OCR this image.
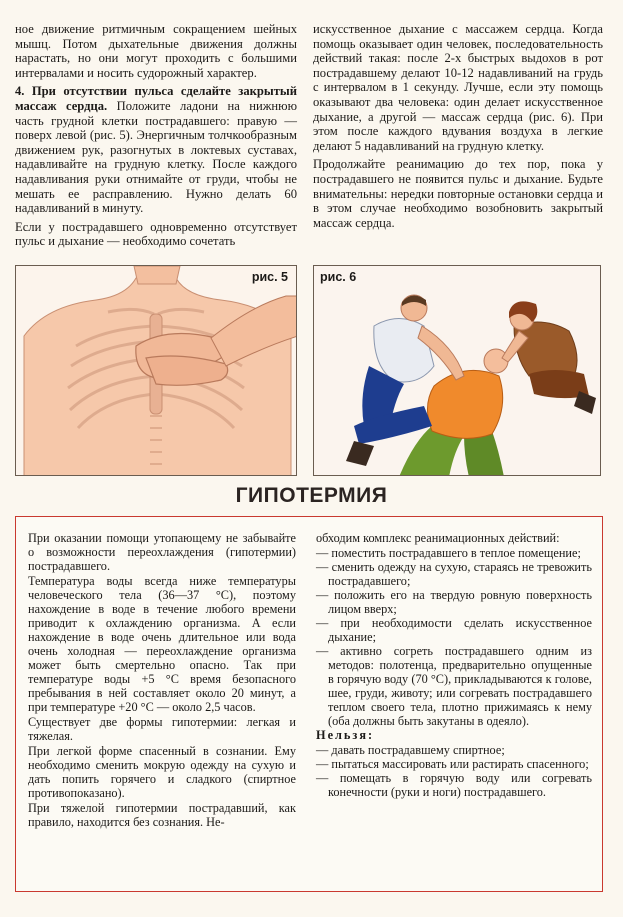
ное движение ритмичным сокращением шейных мышц. Потом дыхательные движения должны нарастать, но они могут проходить с большими интервалами и носить судорожный характер.

4. При отсутствии пульса сделайте закрытый массаж сердца. Положите ладони на нижнюю часть грудной клетки пострадавшего: правую — поверх левой (рис. 5). Энергичным толчкообразным движением рук, разогнутых в локтевых суставах, надавливайте на грудную клетку. После каждого надавливания руки отнимайте от груди, чтобы не мешать ее расправлению. Нужно делать 60 надавливаний в минуту.

Если у пострадавшего одновременно отсутствует пульс и дыхание — необходимо сочетать

искусственное дыхание с массажем сердца. Когда помощь оказывает один человек, последовательность действий такая: после 2-х быстрых выдохов в рот пострадавшему делают 10-12 надавливаний на грудь с интервалом в 1 секунду. Лучше, если эту помощь оказывают два человека: один делает искусственное дыхание, а другой — массаж сердца (рис. 6). При этом после каждого вдувания воздуха в легкие делают 5 надавливаний на грудную клетку.

Продолжайте реанимацию до тех пор, пока у пострадавшего не появится пульс и дыхание. Будьте внимательны: нередки повторные остановки сердца и в этом случае необходимо возобновить закрытый массаж сердца.

рис. 5	рис. 6
ГИПОТЕРМИЯ

При оказании помощи утопающему не забывайте о возможности переохлаждения (гипотермии) пострадавшего.

Температура воды всегда ниже температуры человеческого тела (36—37 °С), поэтому нахождение в воде в течение любого времени приводит к охлаждению организма. А если нахождение в воде очень длительное или вода очень холодная — переохлаждение организма может быть смертельно опасно. Так при температуре воды +5 °С время безопасного пребывания в ней составляет около 20 минут, а при температуре +20 °С — около 2,5 часов.

Существует две формы гипотермии: легкая и тяжелая.

При легкой форме спасенный в сознании. Ему необходимо сменить мокрую одежду на сухую и дать попить горячего и сладкого (спиртное противопоказано).

При тяжелой гипотермии пострадавший, как правило, находится без сознания. Не-

обходим комплекс реанимационных действий:

— поместить пострадавшего в теплое помещение;
— сменить одежду на сухую, стараясь не тревожить пострадавшего;
— положить его на твердую ровную поверхность лицом вверх;
— при необходимости сделать искусственное дыхание;
— активно согреть пострадавшего одним из методов: полотенца, предварительно опущенные в горячую воду (70 °С), прикладываются к голове, шее, груди, животу; или согревать пострадавшего теплом своего тела, плотно прижимаясь к нему (оба должны быть закутаны в одеяло).

Нельзя:

— давать пострадавшему спиртное;
— пытаться массировать или растирать спасенного;
— помещать в горячую воду или согревать конечности (руки и ноги) пострадавшего.
